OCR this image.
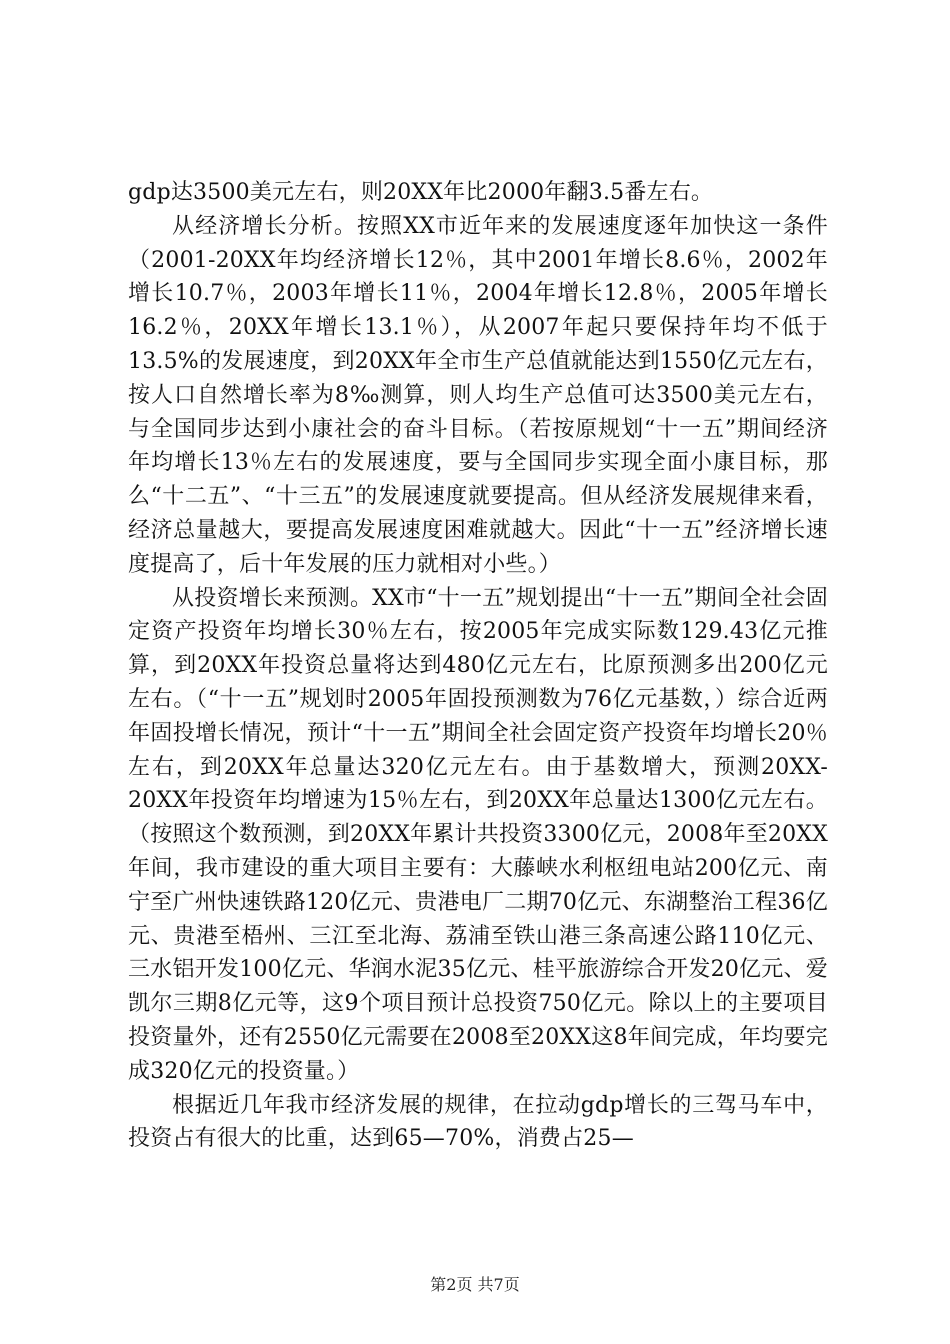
gdp达3500美元左右，则20XX年比2000年翻3.5番左右。

从经济增长分析。按照XX市近年来的发展速度逐年加快这一条件（2001-20XX年均经济增长12％，其中2001年增长8.6％，2002年增长10.7％，2003年增长11％，2004年增长12.8％，2005年增长16.2％，20XX年增长13.1％），从2007年起只要保持年均不低于13.5%的发展速度，到20XX年全市生产总值就能达到1550亿元左右，按人口自然增长率为8‰测算，则人均生产总值可达3500美元左右，与全国同步达到小康社会的奋斗目标。（若按原规划“十一五”期间经济年均增长13％左右的发展速度，要与全国同步实现全面小康目标，那么“十二五”、“十三五”的发展速度就要提高。但从经济发展规律来看，经济总量越大，要提高发展速度困难就越大。因此“十一五”经济增长速度提高了，后十年发展的压力就相对小些。）

从投资增长来预测。XX市“十一五”规划提出“十一五”期间全社会固定资产投资年均增长30％左右，按2005年完成实际数129.43亿元推算，到20XX年投资总量将达到480亿元左右，比原预测多出200亿元左右。（“十一五”规划时2005年固投预测数为76亿元基数，）综合近两年固投增长情况，预计“十一五”期间全社会固定资产投资年均增长20％左右，到20XX年总量达320亿元左右。由于基数增大，预测20XX-20XX年投资年均增速为15％左右，到20XX年总量达1300亿元左右。（按照这个数预测，到20XX年累计共投资3300亿元，2008年至20XX年间，我市建设的重大项目主要有：大藤峡水利枢纽电站200亿元、南宁至广州快速铁路120亿元、贵港电厂二期70亿元、东湖整治工程36亿元、贵港至梧州、三江至北海、荔浦至铁山港三条高速公路110亿元、三水铝开发100亿元、华润水泥35亿元、桂平旅游综合开发20亿元、爱凯尔三期8亿元等，这9个项目预计总投资750亿元。除以上的主要项目投资量外，还有2550亿元需要在2008至20XX这8年间完成，年均要完成320亿元的投资量。）

根据近几年我市经济发展的规律，在拉动gdp增长的三驾马车中，投资占有很大的比重，达到65—70%，消费占25—

第2页 共7页
